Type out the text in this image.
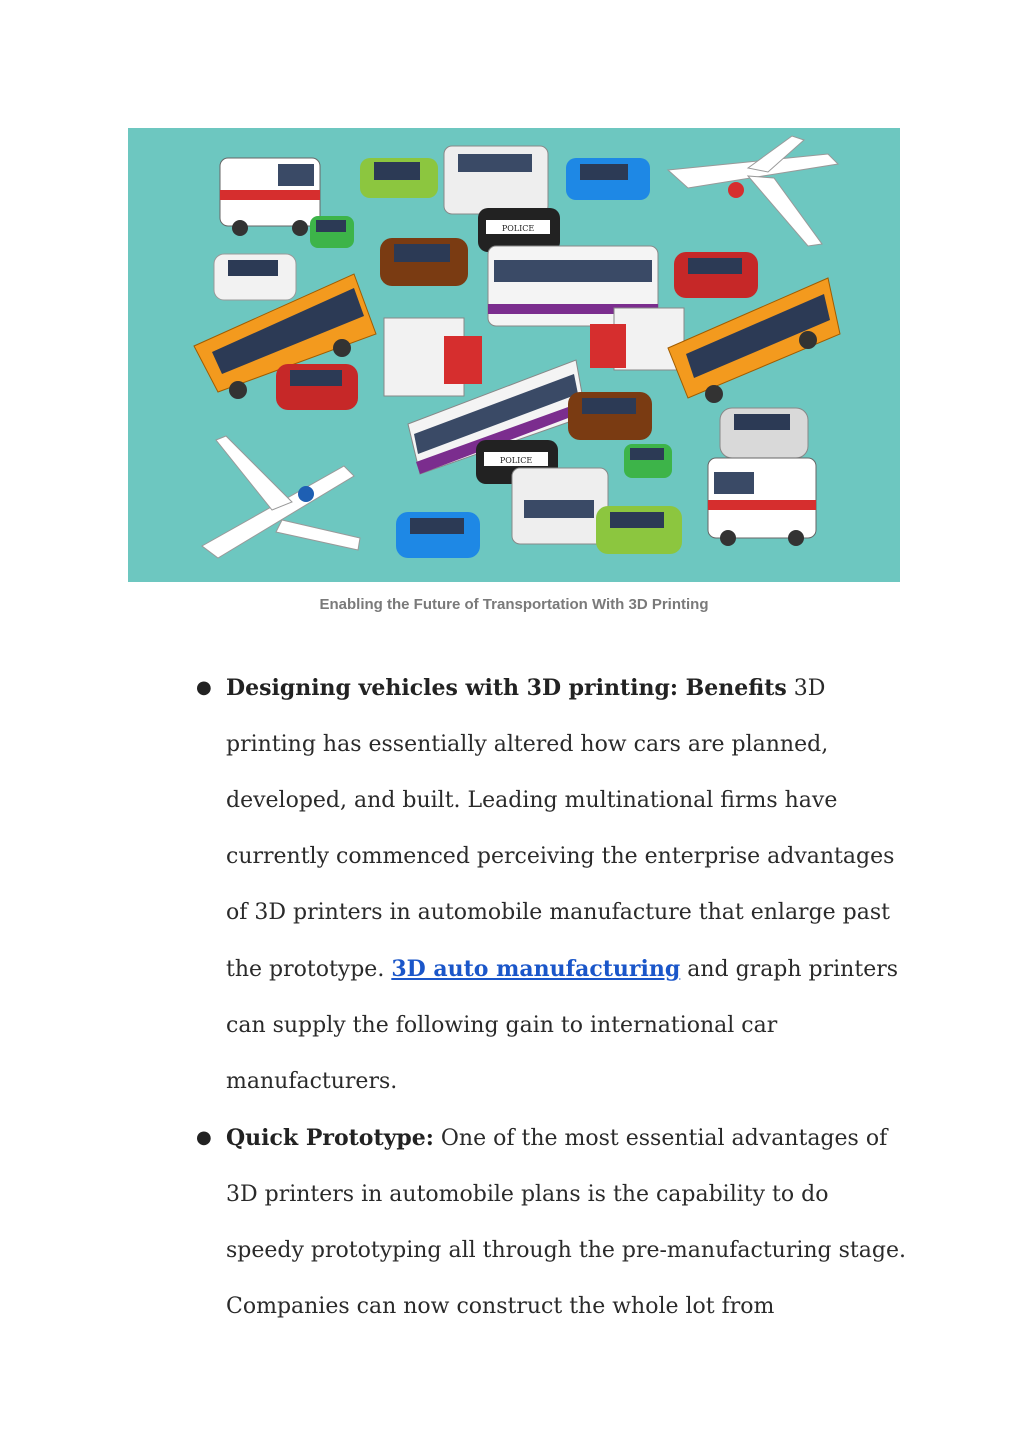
POLICE
POLICE
Enabling the Future of Transportation With 3D Printing
● Designing vehicles with 3D printing: Benefits 3D printing has essentially altered how cars are planned, developed, and built. Leading multinational firms have currently commenced perceiving the enterprise advantages of 3D printers in automobile manufacture that enlarge past the prototype. 3D auto manufacturing and graph printers can supply the following gain to international car manufacturers.
● Quick Prototype: One of the most essential advantages of 3D printers in automobile plans is the capability to do speedy prototyping all through the pre-manufacturing stage. Companies can now construct the whole lot from
